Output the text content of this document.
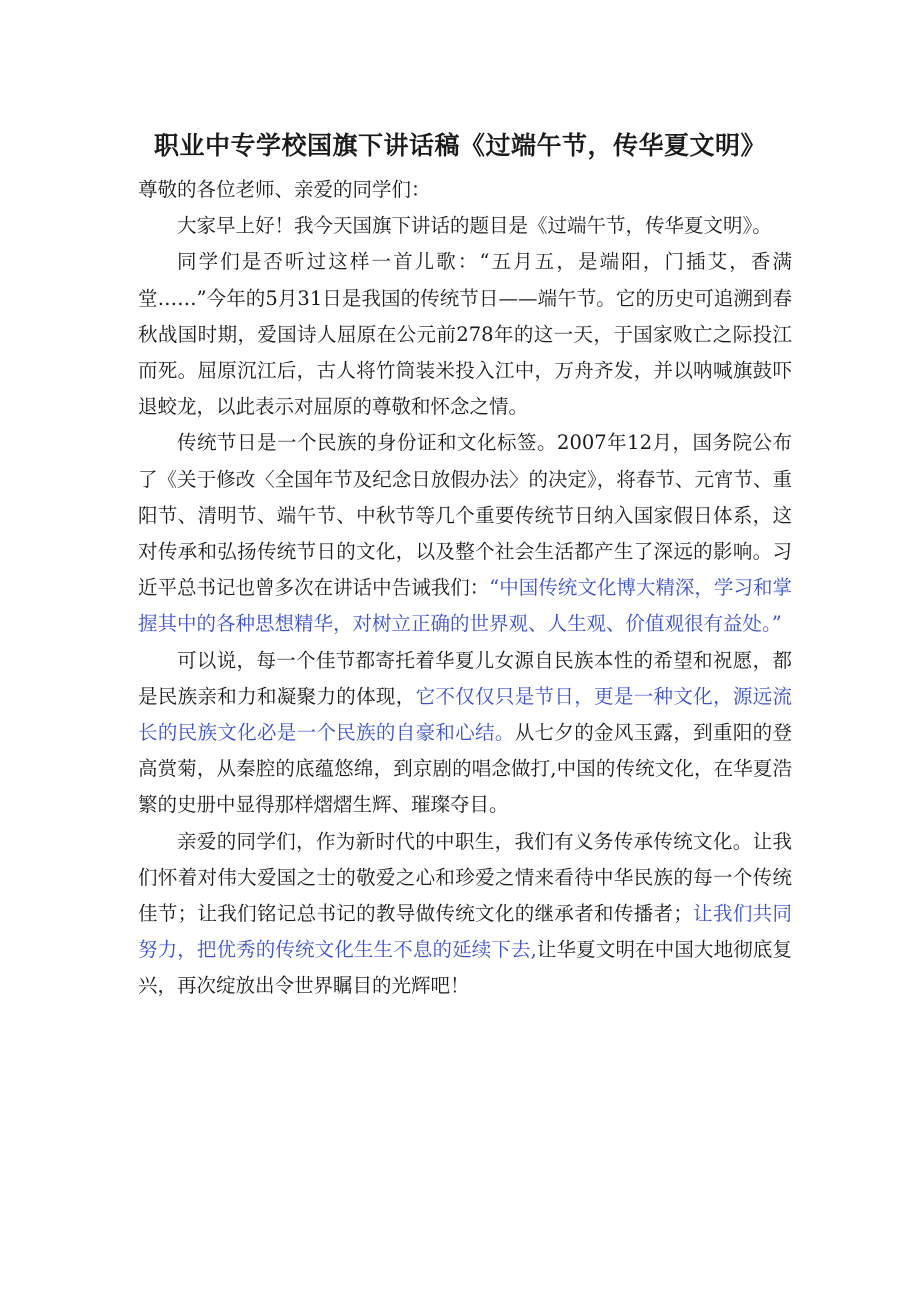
职业中专学校国旗下讲话稿《过端午节，传华夏文明》

尊敬的各位老师、亲爱的同学们：

大家早上好！我今天国旗下讲话的题目是《过端午节，传华夏文明》。

同学们是否听过这样一首儿歌：“五月五，是端阳，门插艾，香满堂……”今年的5月31日是我国的传统节日——端午节。它的历史可追溯到春秋战国时期，爱国诗人屈原在公元前278年的这一天，于国家败亡之际投江而死。屈原沉江后，古人将竹筒装米投入江中，万舟齐发，并以呐喊旗鼓吓退蛟龙，以此表示对屈原的尊敬和怀念之情。

传统节日是一个民族的身份证和文化标签。2007年12月，国务院公布了《关于修改〈全国年节及纪念日放假办法〉的决定》，将春节、元宵节、重阳节、清明节、端午节、中秋节等几个重要传统节日纳入国家假日体系，这对传承和弘扬传统节日的文化，以及整个社会生活都产生了深远的影响。习近平总书记也曾多次在讲话中告诫我们：“中国传统文化博大精深，学习和掌握其中的各种思想精华，对树立正确的世界观、人生观、价值观很有益处。”

可以说，每一个佳节都寄托着华夏儿女源自民族本性的希望和祝愿，都是民族亲和力和凝聚力的体现，它不仅仅只是节日，更是一种文化，源远流长的民族文化必是一个民族的自豪和心结。从七夕的金风玉露，到重阳的登高赏菊，从秦腔的底蕴悠绵，到京剧的唱念做打,中国的传统文化，在华夏浩繁的史册中显得那样熠熠生辉、璀璨夺目。

亲爱的同学们，作为新时代的中职生，我们有义务传承传统文化。让我们怀着对伟大爱国之士的敬爱之心和珍爱之情来看待中华民族的每一个传统佳节；让我们铭记总书记的教导做传统文化的继承者和传播者；让我们共同努力，把优秀的传统文化生生不息的延续下去,让华夏文明在中国大地彻底复兴，再次绽放出令世界瞩目的光辉吧！
